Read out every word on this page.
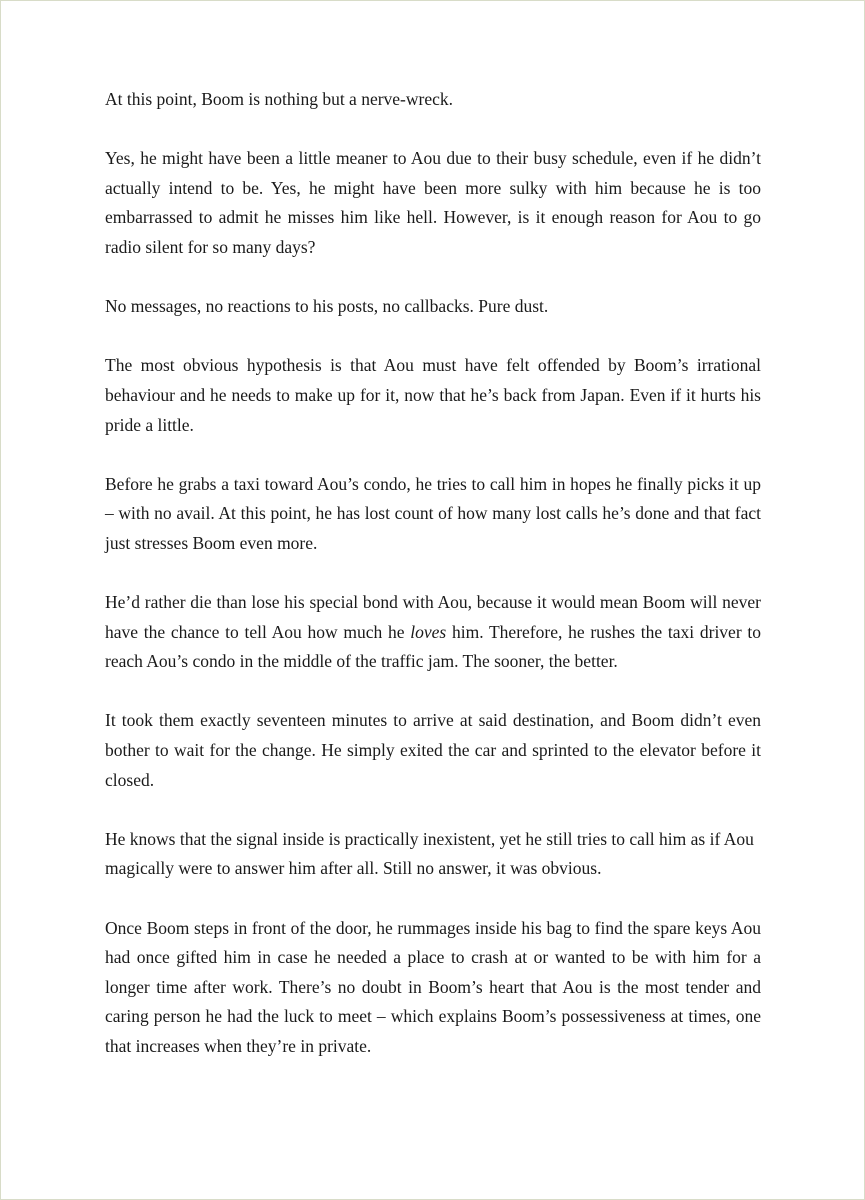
At this point, Boom is nothing but a nerve-wreck.

Yes, he might have been a little meaner to Aou due to their busy schedule, even if he didn’t actually intend to be. Yes, he might have been more sulky with him because he is too embarrassed to admit he misses him like hell. However, is it enough reason for Aou to go radio silent for so many days?

No messages, no reactions to his posts, no callbacks. Pure dust.

The most obvious hypothesis is that Aou must have felt offended by Boom’s irrational behaviour and he needs to make up for it, now that he’s back from Japan. Even if it hurts his pride a little.

Before he grabs a taxi toward Aou’s condo, he tries to call him in hopes he finally picks it up – with no avail. At this point, he has lost count of how many lost calls he’s done and that fact just stresses Boom even more.

He’d rather die than lose his special bond with Aou, because it would mean Boom will never have the chance to tell Aou how much he loves him. Therefore, he rushes the taxi driver to reach Aou’s condo in the middle of the traffic jam. The sooner, the better.

It took them exactly seventeen minutes to arrive at said destination, and Boom didn’t even bother to wait for the change. He simply exited the car and sprinted to the elevator before it closed.

He knows that the signal inside is practically inexistent, yet he still tries to call him as if Aou magically were to answer him after all. Still no answer, it was obvious.

Once Boom steps in front of the door, he rummages inside his bag to find the spare keys Aou had once gifted him in case he needed a place to crash at or wanted to be with him for a longer time after work. There’s no doubt in Boom’s heart that Aou is the most tender and caring person he had the luck to meet – which explains Boom’s possessiveness at times, one that increases when they’re in private.
